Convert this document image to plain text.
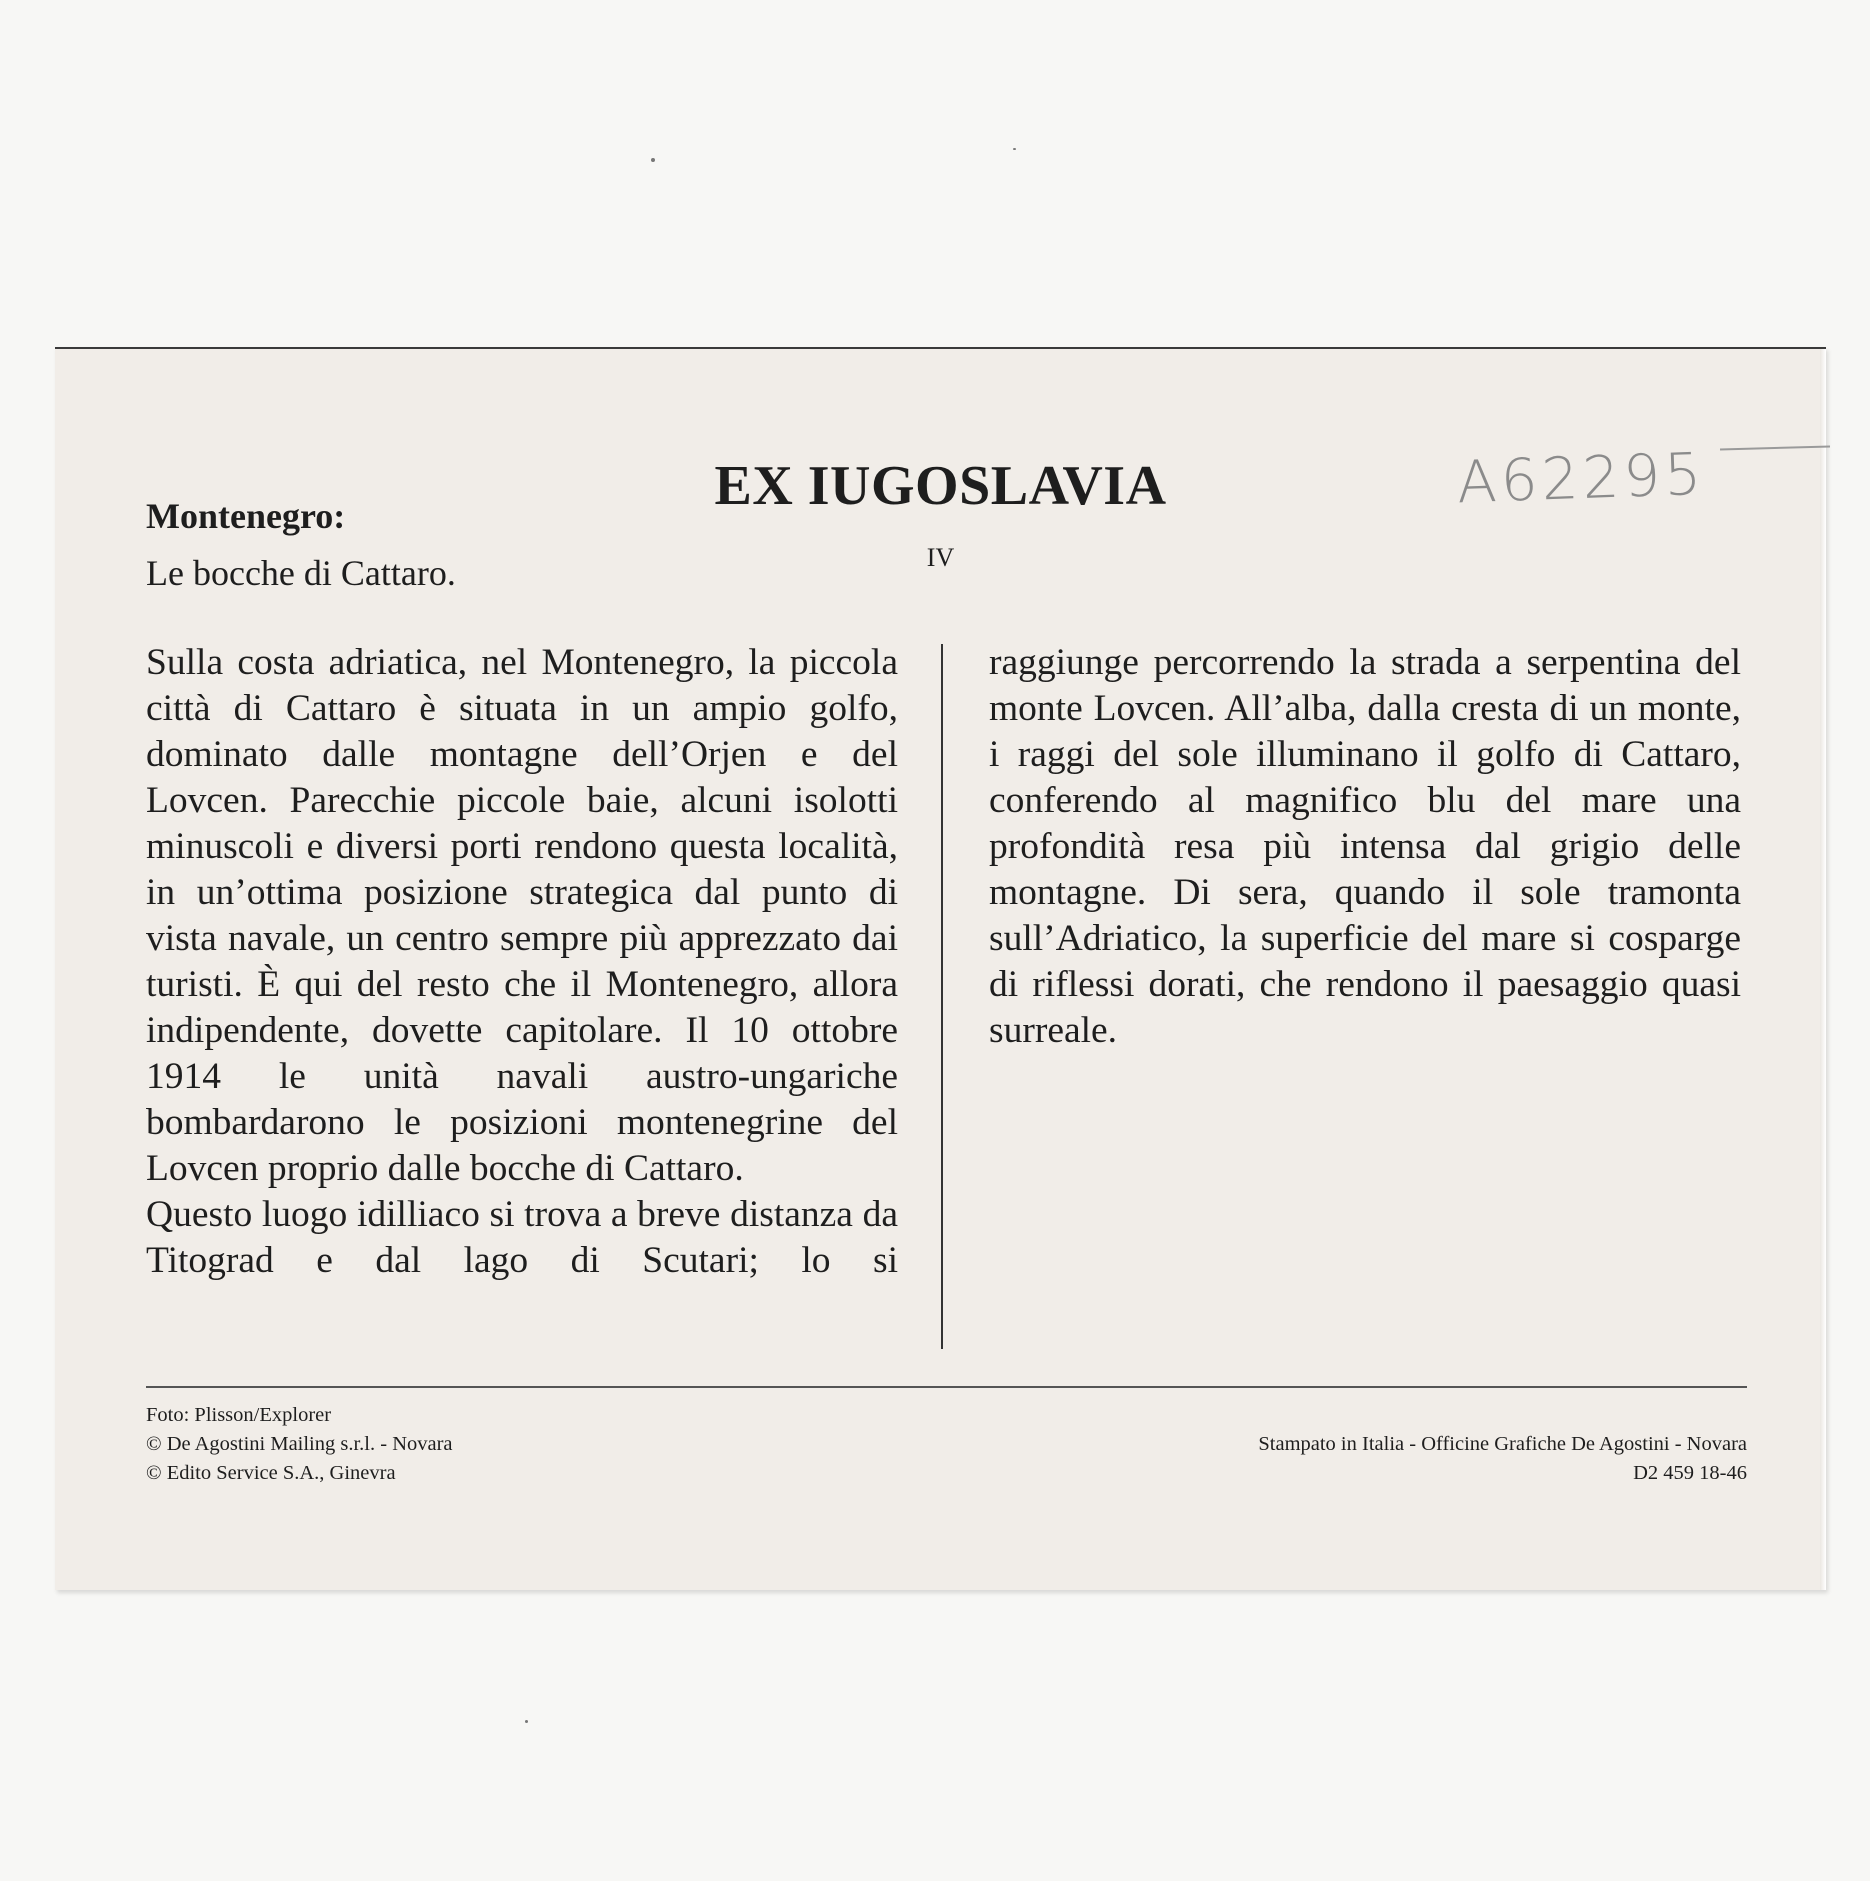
EX IUGOSLAVIA	A62295
Montenegro:
Le bocche di Cattaro.	IV

Sulla costa adriatica, nel Montenegro, la piccola città di Cattaro è situata in un ampio golfo, dominato dalle montagne dell’Orjen e del Lovcen. Parecchie piccole baie, alcuni isolotti minuscoli e diversi porti rendono questa località, in un’ottima posizione strategica dal punto di vista navale, un centro sempre più apprezzato dai turisti. È qui del resto che il Montenegro, allora indipendente, dovette capitolare. Il 10 ottobre 1914 le unità navali austro-ungariche bombardarono le posizioni montenegrine del Lovcen proprio dalle bocche di Cattaro.

Questo luogo idilliaco si trova a breve distanza da Titograd e dal lago di Scutari; lo si

raggiunge percorrendo la strada a serpentina del monte Lovcen. All’alba, dalla cresta di un monte, i raggi del sole illuminano il golfo di Cattaro, conferendo al magnifico blu del mare una profondità resa più intensa dal grigio delle montagne. Di sera, quando il sole tramonta sull’Adriatico, la superficie del mare si cosparge di riflessi dorati, che rendono il paesaggio quasi surreale.

Foto: Plisson/Explorer
© De Agostini Mailing s.r.l. - Novara
© Edito Service S.A., Ginevra
Stampato in Italia - Officine Grafiche De Agostini - Novara
D2 459 18-46
